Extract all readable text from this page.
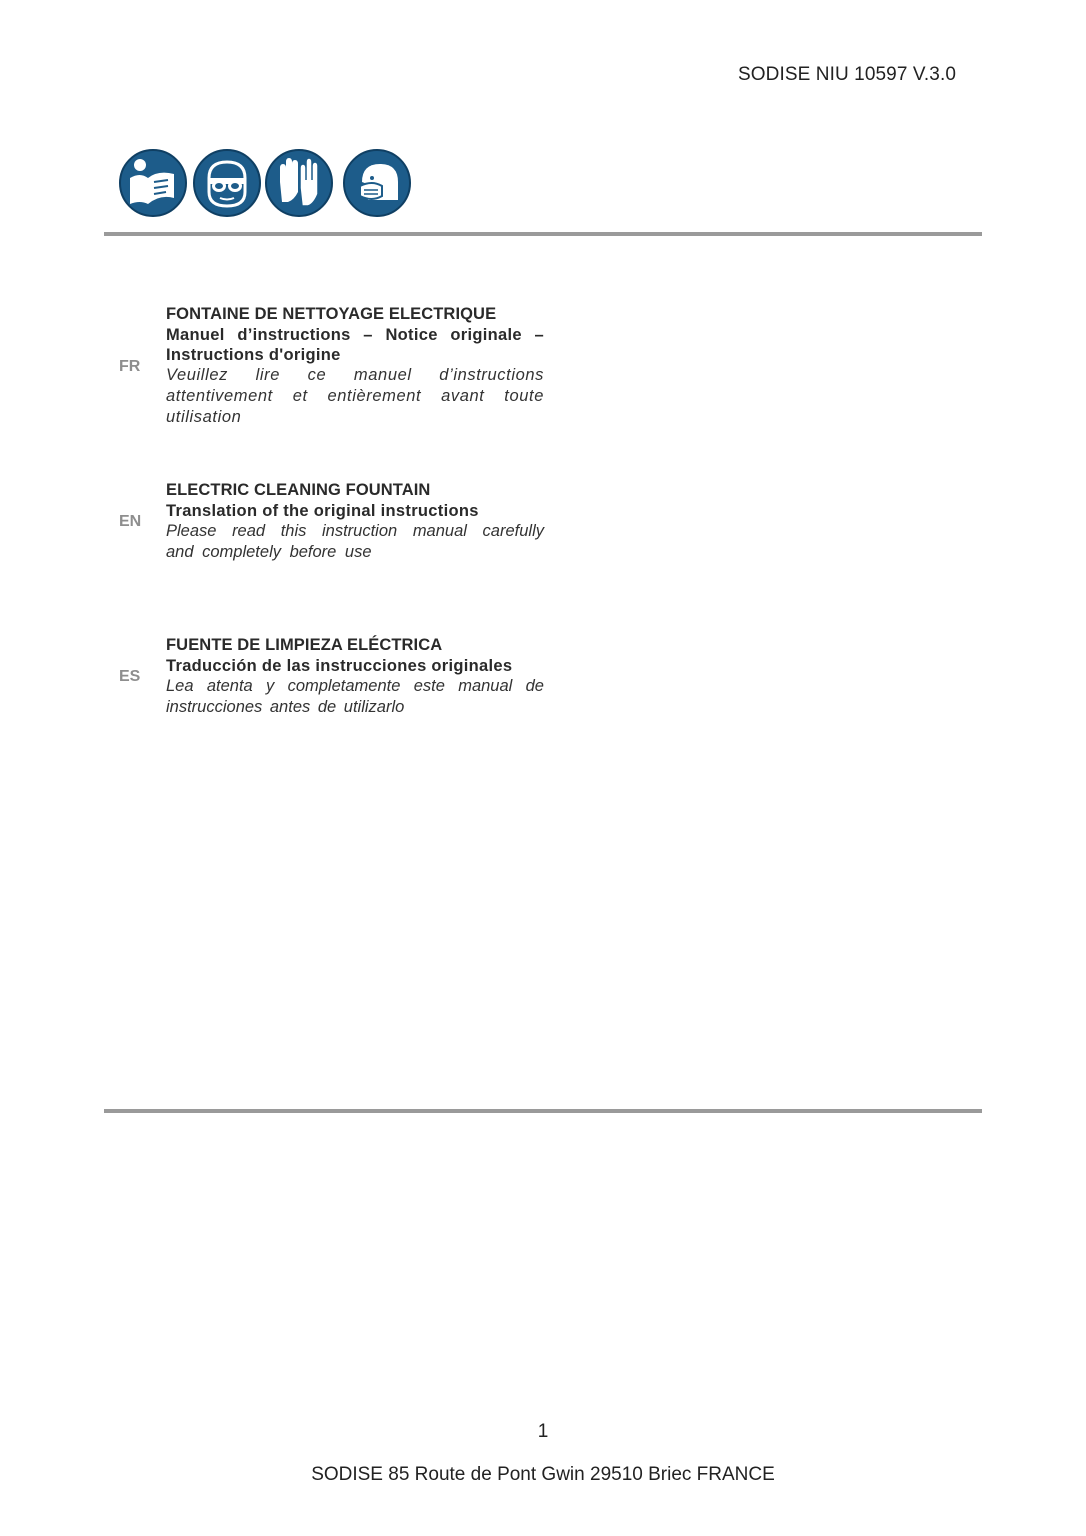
SODISE NIU 10597 V.3.0
FR

FONTAINE DE NETTOYAGE ELECTRIQUE

Manuel d’instructions – Notice originale – Instructions d'origine

Veuillez lire ce manuel d’instructions attentivement et entièrement avant toute utilisation

EN

ELECTRIC CLEANING FOUNTAIN

Translation of the original instructions

Please read this instruction manual carefully and completely before use

ES

FUENTE DE LIMPIEZA ELÉCTRICA

Traducción de las instrucciones originales

Lea atenta y completamente este manual de instrucciones antes de utilizarlo

1
SODISE 85 Route de Pont Gwin 29510 Briec FRANCE
